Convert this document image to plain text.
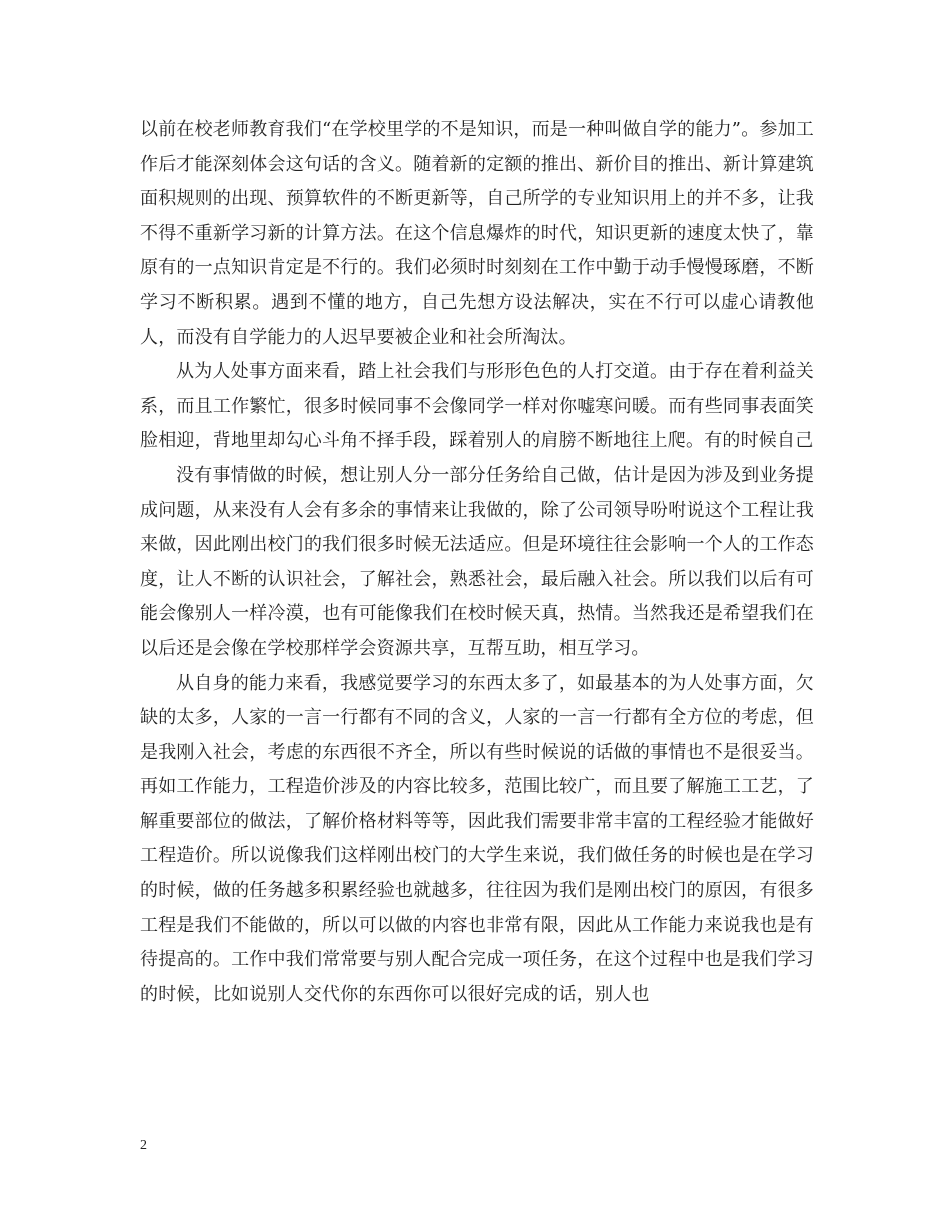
以前在校老师教育我们“在学校里学的不是知识，而是一种叫做自学的能力”。参加工作后才能深刻体会这句话的含义。随着新的定额的推出、新价目的推出、新计算建筑面积规则的出现、预算软件的不断更新等，自己所学的专业知识用上的并不多，让我不得不重新学习新的计算方法。在这个信息爆炸的时代，知识更新的速度太快了，靠原有的一点知识肯定是不行的。我们必须时时刻刻在工作中勤于动手慢慢琢磨，不断学习不断积累。遇到不懂的地方，自己先想方设法解决，实在不行可以虚心请教他人，而没有自学能力的人迟早要被企业和社会所淘汰。

从为人处事方面来看，踏上社会我们与形形色色的人打交道。由于存在着利益关系，而且工作繁忙，很多时候同事不会像同学一样对你嘘寒问暖。而有些同事表面笑脸相迎，背地里却勾心斗角不择手段，踩着别人的肩膀不断地往上爬。有的时候自己

没有事情做的时候，想让别人分一部分任务给自己做，估计是因为涉及到业务提成问题，从来没有人会有多余的事情来让我做的，除了公司领导吩咐说这个工程让我来做，因此刚出校门的我们很多时候无法适应。但是环境往往会影响一个人的工作态度，让人不断的认识社会，了解社会，熟悉社会，最后融入社会。所以我们以后有可能会像别人一样冷漠，也有可能像我们在校时候天真，热情。当然我还是希望我们在以后还是会像在学校那样学会资源共享，互帮互助，相互学习。

从自身的能力来看，我感觉要学习的东西太多了，如最基本的为人处事方面，欠缺的太多，人家的一言一行都有不同的含义，人家的一言一行都有全方位的考虑，但是我刚入社会，考虑的东西很不齐全，所以有些时候说的话做的事情也不是很妥当。再如工作能力，工程造价涉及的内容比较多，范围比较广，而且要了解施工工艺，了解重要部位的做法，了解价格材料等等，因此我们需要非常丰富的工程经验才能做好工程造价。所以说像我们这样刚出校门的大学生来说，我们做任务的时候也是在学习的时候，做的任务越多积累经验也就越多，往往因为我们是刚出校门的原因，有很多工程是我们不能做的，所以可以做的内容也非常有限，因此从工作能力来说我也是有待提高的。工作中我们常常要与别人配合完成一项任务，在这个过程中也是我们学习的时候，比如说别人交代你的东西你可以很好完成的话，别人也

2
